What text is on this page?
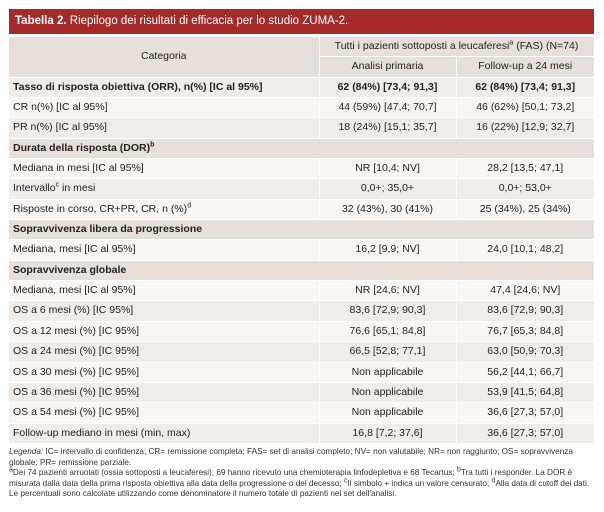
Tabella 2. Riepilogo dei risultati di efficacia per lo studio ZUMA-2.
Categoria	Tutti i pazienti sottoposti a leucaferesi$^a$ (FAS) (N=74)	
	Analisi primaria	Follow-up a 24 mesi
Tasso di risposta obiettiva (ORR), n(%) [IC al 95%]	62 (84%) [73,4; 91,3]	62 (84%) [73,4; 91,3]
CR n(%) [IC al 95%]	44 (59%) [47,4; 70,7]	46 (62%) [50,1; 73,2]
PR n(%) [IC al 95%]	18 (24%) [15,1; 35,7]	16 (22%) [12,9; 32,7]
Durata della risposta (DOR)$^b$
Mediana in mesi [IC al 95%]	NR [10,4; NV]	28,2 [13,5; 47,1]
Intervallo$^c$ in mesi	0,0+; 35,0+	0,0+; 53,0+
Risposte in corso, CR+PR, CR, n (%)$^d$	32 (43%), 30 (41%)	25 (34%), 25 (34%)
Sopravvivenza libera da progressione		
Mediana, mesi [IC al 95%]	16,2 [9,9; NV]	24,0 [10,1; 48,2]
Sopravvivenza globale		
Mediana, mesi [IC al 95%]	NR [24,6; NV]	47,4 [24,6; NV]
OS a 6 mesi (%) [IC 95%]	83,6 [72,9; 90,3]	83,6 [72,9; 90,3]
OS a 12 mesi (%) [IC 95%]	76,6 [65,1; 84,8]	76,7 [65,3; 84,8]
OS a 24 mesi (%) [IC 95%]	66,5 [52,8; 77,1]	63,0 [50,9; 70,3]
OS a 30 mesi (%) [IC 95%]	Non applicabile	56,2 [44,1; 66,7]
OS a 36 mesi (%) [IC 95%]	Non applicabile	53,9 [41,5; 64,8]
OS a 54 mesi (%) [IC 95%]	Non applicabile	36,6 [27,3; 57,0]
Follow-up mediano in mesi (min, max)	16,8 [7,2; 37,6]	36,6 [27,3; 57,0]

Legenda: IC= intervallo di confidenza; CR= remissione completa; FAS= set di analisi completo; NV= non valutabile; NR= non raggiunto; OS= sopravvivenza globale; PR= remissione parziale.

$^a$Dei 74 pazienti arruolati (ossia sottoposti a leucaferesi), 69 hanno ricevuto una chemioterapia linfodepletiva e 68 Tecartus; $^b$Tra tutti i responder. La DOR è misurata dalla data della prima risposta obiettiva alla data della progressione o del decesso; $^c$Il simbolo + indica un valore censurato; $^d$Alla data di cutoff dei dati. Le percentuali sono calcolate utilizzando come denominatore il numero totale di pazienti nel set dell'analisi.
